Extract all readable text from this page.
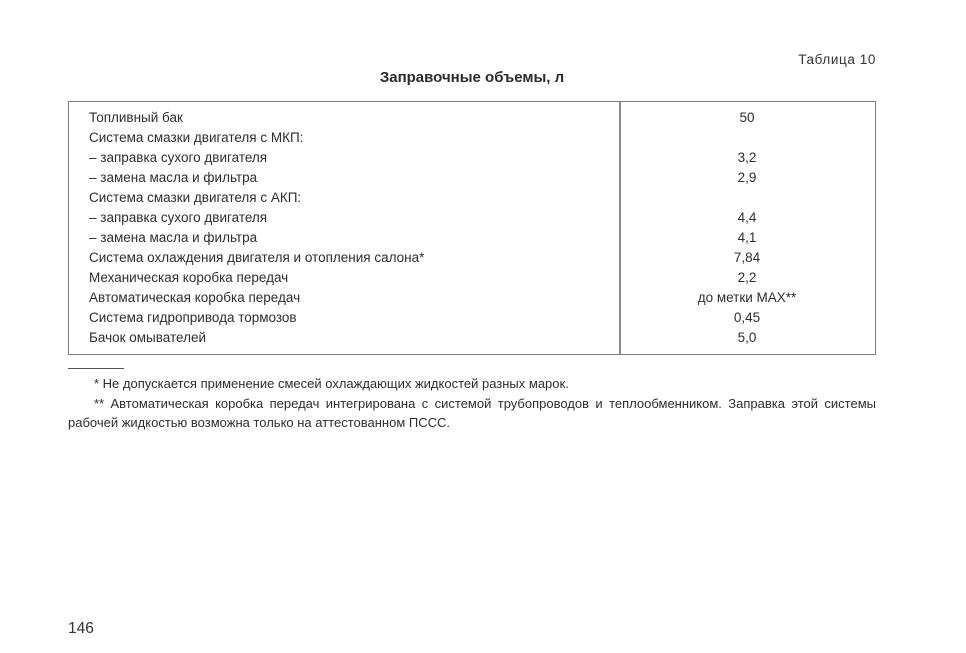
Таблица 10
Заправочные объемы, л
Топливный бак	50
Система смазки двигателя с МКП:
– заправка сухого двигателя	3,2
– замена масла и фильтра	2,9
Система смазки двигателя с АКП:
– заправка сухого двигателя	4,4
– замена масла и фильтра	4,1
Система охлаждения двигателя и отопления салона*	7,84
Механическая коробка передач	2,2
Автоматическая коробка передач	до метки MAX**
Система гидропривода тормозов	0,45
Бачок омывателей	5,0

* Не допускается применение смесей охлаждающих жидкостей разных марок.

** Автоматическая коробка передач интегрирована с системой трубопроводов и теплообменником. Заправка этой системы рабочей жидкостью возможна только на аттестованном ПССС.

146
